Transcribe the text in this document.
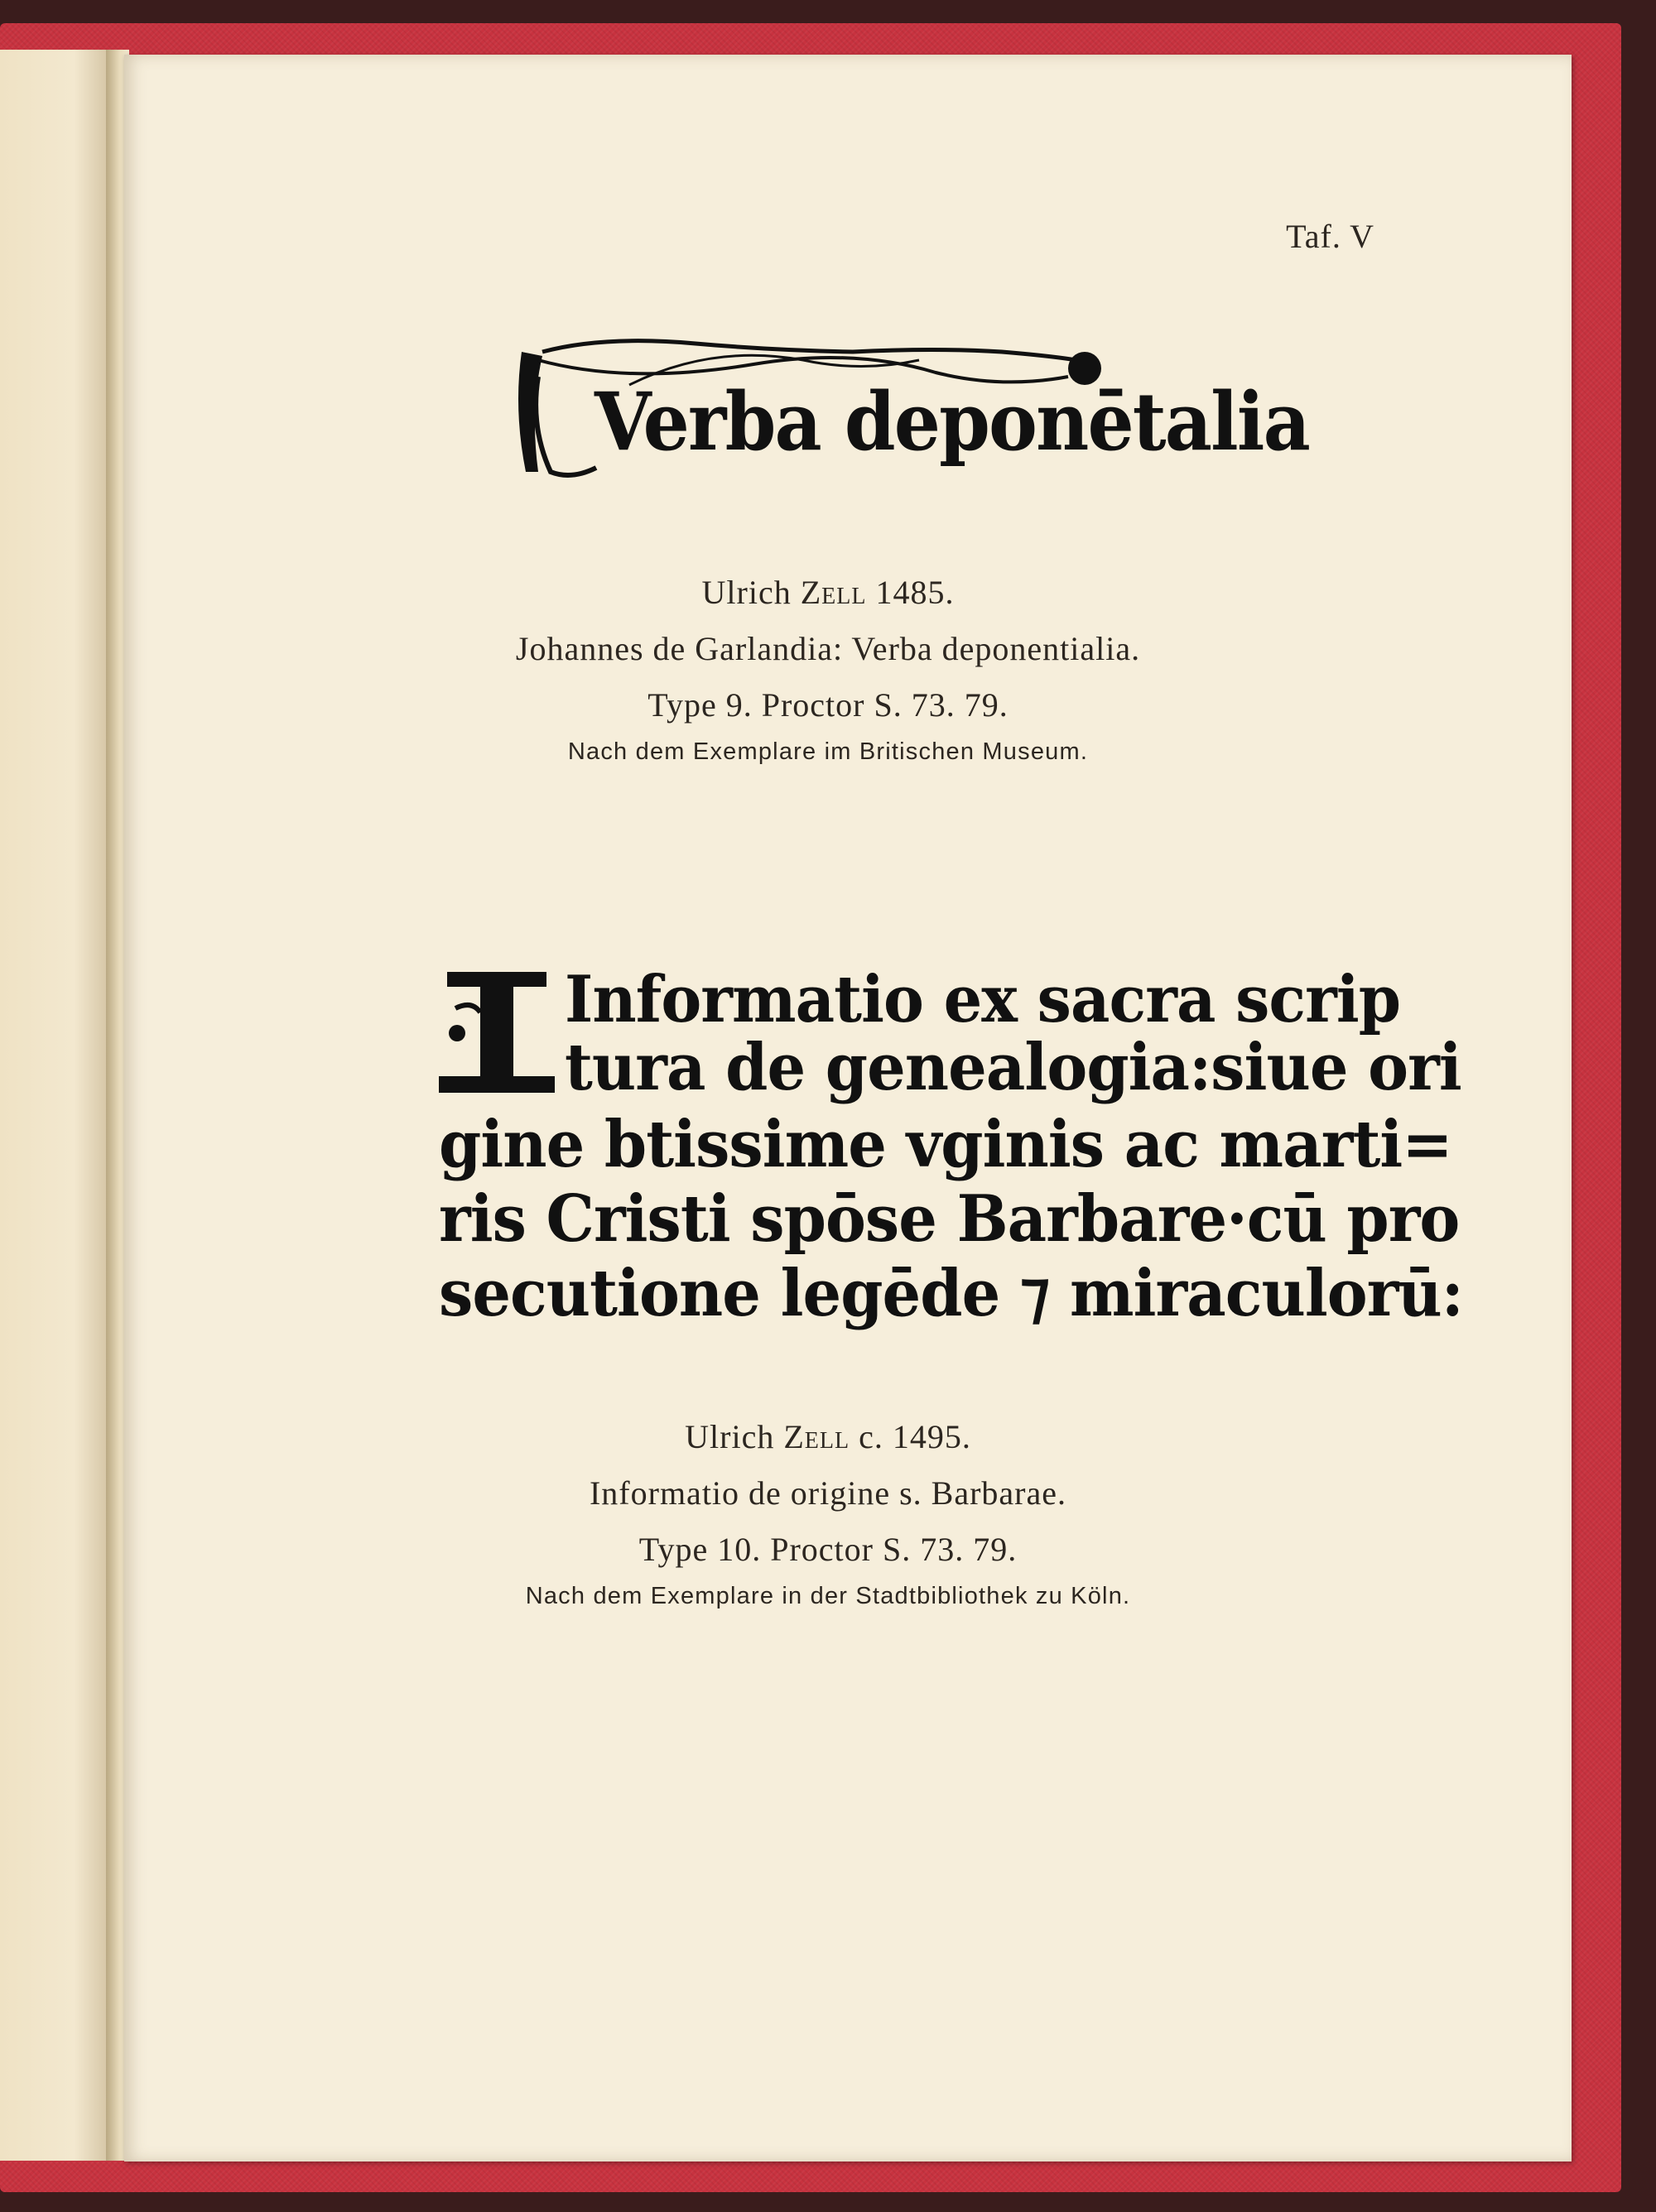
Taf. V
Verba deponētalia
Ulrich Zell 1485.
Johannes de Garlandia: Verba deponentialia.
Type 9. Proctor S. 73. 79.
Nach dem Exemplare im Britischen Museum.
Informatio ex sacra scrip
tura de genealogia:siue ori
gine btissime vginis ac marti=
ris Cristi spōse Barbare·cū pro
secutione legēde ⁊ miraculorū:
Ulrich Zell c. 1495.
Informatio de origine s. Barbarae.
Type 10. Proctor S. 73. 79.
Nach dem Exemplare in der Stadtbibliothek zu Köln.
